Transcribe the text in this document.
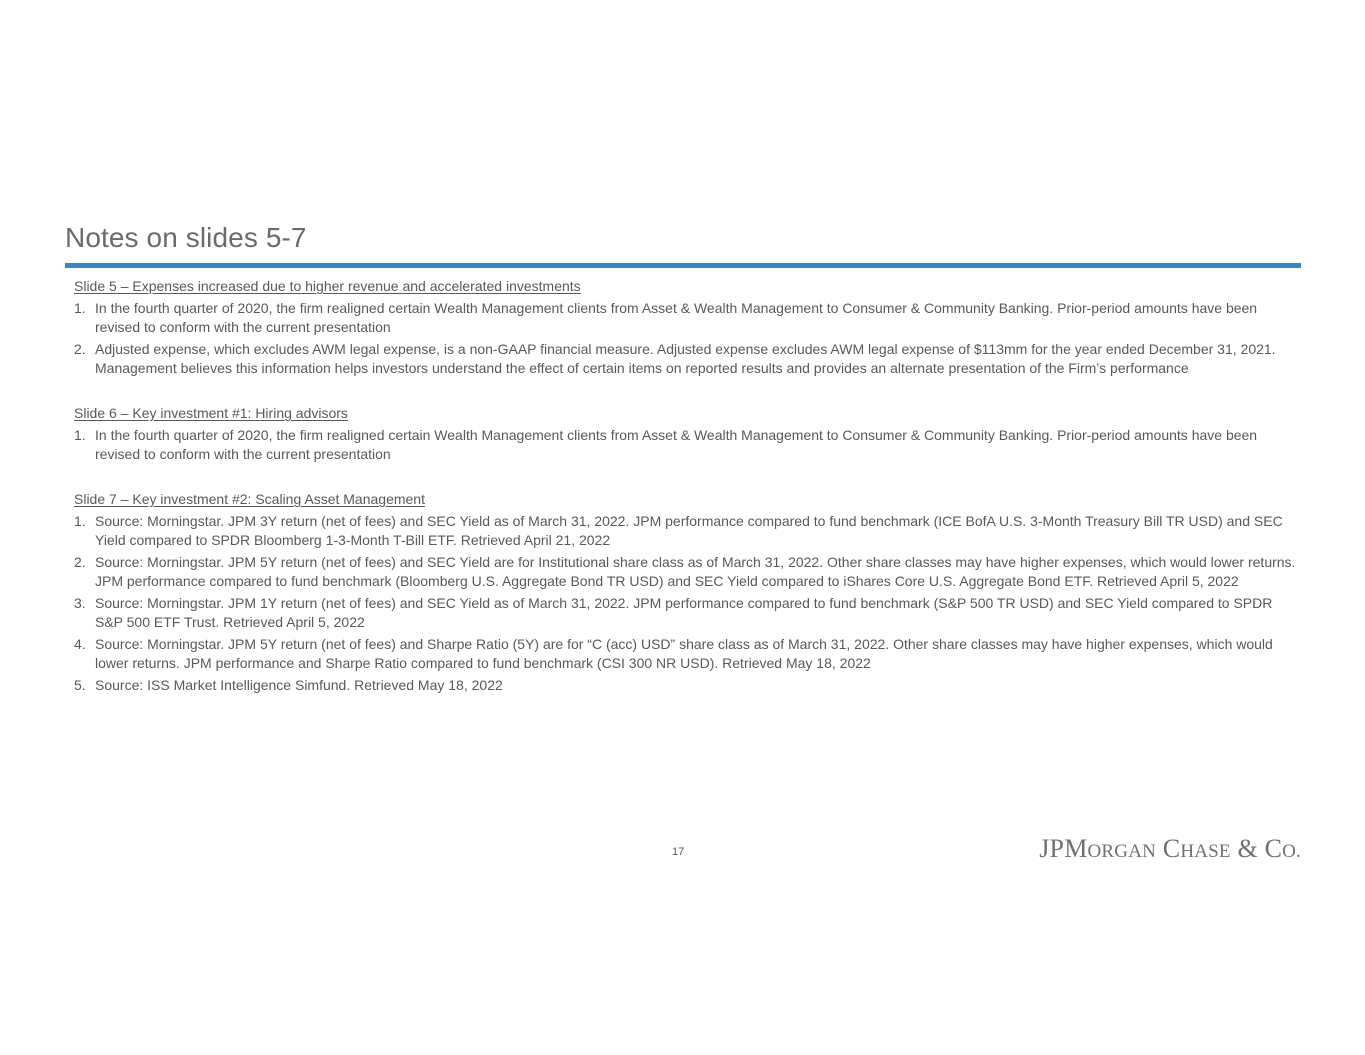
Notes on slides 5-7
Slide 5 – Expenses increased due to higher revenue and accelerated investments
1. In the fourth quarter of 2020, the firm realigned certain Wealth Management clients from Asset & Wealth Management to Consumer & Community Banking. Prior-period amounts have been revised to conform with the current presentation
2. Adjusted expense, which excludes AWM legal expense, is a non-GAAP financial measure. Adjusted expense excludes AWM legal expense of $113mm for the year ended December 31, 2021. Management believes this information helps investors understand the effect of certain items on reported results and provides an alternate presentation of the Firm’s performance
Slide 6 – Key investment #1: Hiring advisors
1. In the fourth quarter of 2020, the firm realigned certain Wealth Management clients from Asset & Wealth Management to Consumer & Community Banking. Prior-period amounts have been revised to conform with the current presentation
Slide 7 – Key investment #2: Scaling Asset Management
1. Source: Morningstar. JPM 3Y return (net of fees) and SEC Yield as of March 31, 2022. JPM performance compared to fund benchmark (ICE BofA U.S. 3-Month Treasury Bill TR USD) and SEC Yield compared to SPDR Bloomberg 1-3-Month T-Bill ETF. Retrieved April 21, 2022
2. Source: Morningstar. JPM 5Y return (net of fees) and SEC Yield are for Institutional share class as of March 31, 2022. Other share classes may have higher expenses, which would lower returns. JPM performance compared to fund benchmark (Bloomberg U.S. Aggregate Bond TR USD) and SEC Yield compared to iShares Core U.S. Aggregate Bond ETF. Retrieved April 5, 2022
3. Source: Morningstar. JPM 1Y return (net of fees) and SEC Yield as of March 31, 2022. JPM performance compared to fund benchmark (S&P 500 TR USD) and SEC Yield compared to SPDR S&P 500 ETF Trust. Retrieved April 5, 2022
4. Source: Morningstar. JPM 5Y return (net of fees) and Sharpe Ratio (5Y) are for “C (acc) USD” share class as of March 31, 2022. Other share classes may have higher expenses, which would lower returns. JPM performance and Sharpe Ratio compared to fund benchmark (CSI 300 NR USD). Retrieved May 18, 2022
5. Source: ISS Market Intelligence Simfund. Retrieved May 18, 2022
17	JPMORGAN CHASE & CO.
